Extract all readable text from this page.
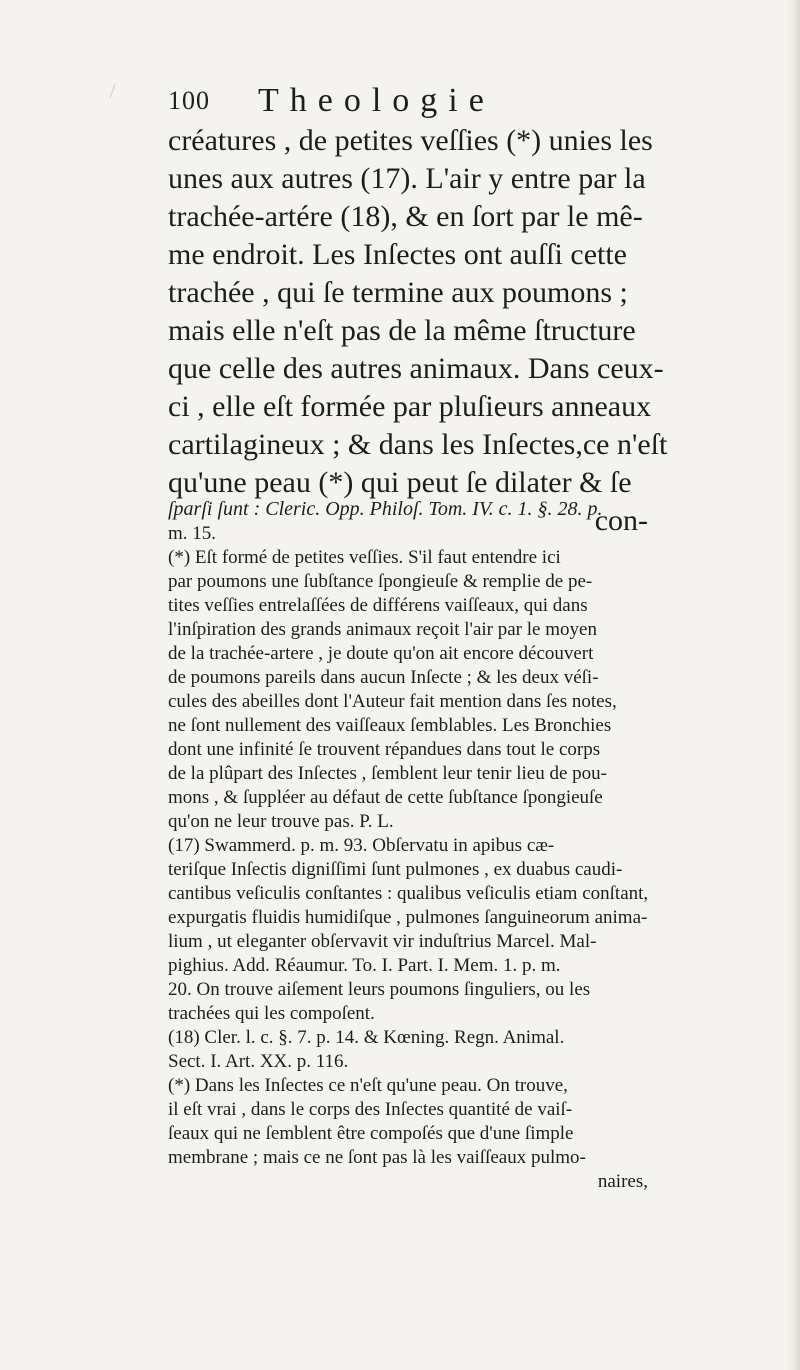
100 Theologie
créatures , de petites veſſies (*) unies les
unes aux autres (17). L'air y entre par la
trachée-artére (18), & en ſort par le mê-
me endroit. Les Inſectes ont auſſi cette
trachée , qui ſe termine aux poumons ;
mais elle n'eſt pas de la même ſtructure
que celle des autres animaux. Dans ceux-
ci , elle eſt formée par pluſieurs anneaux
cartilagineux ; & dans les Inſectes,ce n'eſt
qu'une peau (*) qui peut ſe dilater & ſe
con-
ſparſi ſunt : Cleric. Opp. Philoſ. Tom. IV. c. 1. §. 28. p.
m. 15.
(*) Eſt formé de petites veſſies. S'il faut entendre ici
par poumons une ſubſtance ſpongieuſe & remplie de pe-
tites veſſies entrelaſſées de différens vaiſſeaux, qui dans
l'inſpiration des grands animaux reçoit l'air par le moyen
de la trachée-artere , je doute qu'on ait encore découvert
de poumons pareils dans aucun Inſecte ; & les deux véſi-
cules des abeilles dont l'Auteur fait mention dans ſes notes,
ne ſont nullement des vaiſſeaux ſemblables. Les Bronchies
dont une infinité ſe trouvent répandues dans tout le corps
de la plûpart des Inſectes , ſemblent leur tenir lieu de pou-
mons , & ſuppléer au défaut de cette ſubſtance ſpongieuſe
qu'on ne leur trouve pas. P. L.
(17) Swammerd. p. m. 93. Obſervatu in apibus cæ-
teriſque Inſectis digniſſimi ſunt pulmones , ex duabus caudi-
cantibus veſiculis conſtantes : qualibus veſiculis etiam conſtant,
expurgatis fluidis humidiſque , pulmones ſanguineorum anima-
lium , ut eleganter obſervavit vir induſtrius Marcel. Mal-
pighius. Add. Réaumur. To. I. Part. I. Mem. 1. p. m.
20. On trouve aiſement leurs poumons ſinguliers, ou les
trachées qui les compoſent.
(18) Cler. l. c. §. 7. p. 14. & Kœning. Regn. Animal.
Sect. I. Art. XX. p. 116.
(*) Dans les Inſectes ce n'eſt qu'une peau. On trouve,
il eſt vrai , dans le corps des Inſectes quantité de vaiſ-
ſeaux qui ne ſemblent être compoſés que d'une ſimple
membrane ; mais ce ne ſont pas là les vaiſſeaux pulmo-
naires,
